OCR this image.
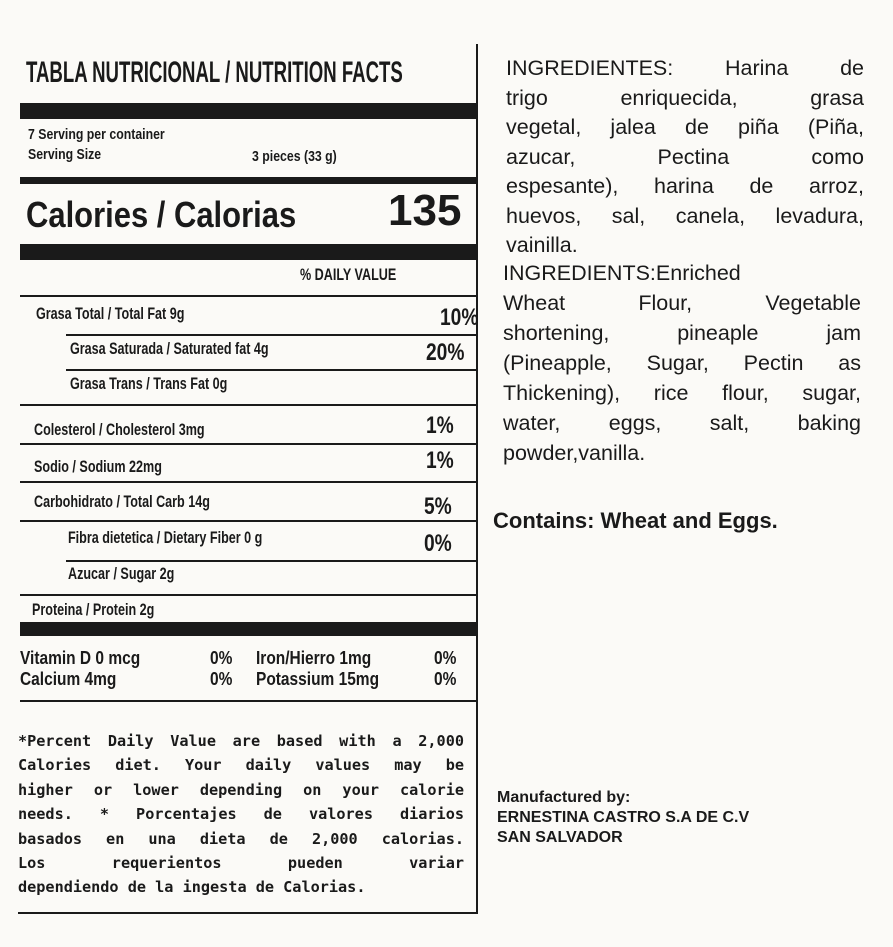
TABLA NUTRICIONAL / NUTRITION FACTS
7 Serving per container
Serving Size	3 pieces (33 g)
Calories / Calorias 135
% DAILY VALUE
Grasa Total / Total Fat 9g	10%
Grasa Saturada / Saturated fat 4g	20%
Grasa Trans / Trans Fat 0g
Colesterol / Cholesterol 3mg	1%
Sodio / Sodium 22mg	1%
Carbohidrato / Total Carb 14g	5%
Fibra dietetica / Dietary Fiber 0 g	0%
Azucar / Sugar 2g
Proteina / Protein 2g
Vitamin D 0 mcg	0% Iron/Hierro 1mg	0%
Calcium 4mg	0% Potassium 15mg	0%
*Percent Daily Value are based with a 2,000
Calories diet. Your daily values may be
higher or lower depending on your calorie
needs. * Porcentajes de valores diarios
basados en una dieta de 2,000 calorias.
Los requerientos pueden variar
dependiendo de la ingesta de Calorias.
INGREDIENTES: Harina de
trigo enriquecida, grasa
vegetal, jalea de piña (Piña,
azucar, Pectina como
espesante), harina de arroz,
huevos, sal, canela, levadura,
vainilla.
INGREDIENTS:Enriched
Wheat Flour, Vegetable
shortening, pineaple jam
(Pineapple, Sugar, Pectin as
Thickening), rice flour, sugar,
water, eggs, salt, baking
powder,vanilla.
Contains: Wheat and Eggs.
Manufactured by:
ERNESTINA CASTRO S.A DE C.V
SAN SALVADOR
